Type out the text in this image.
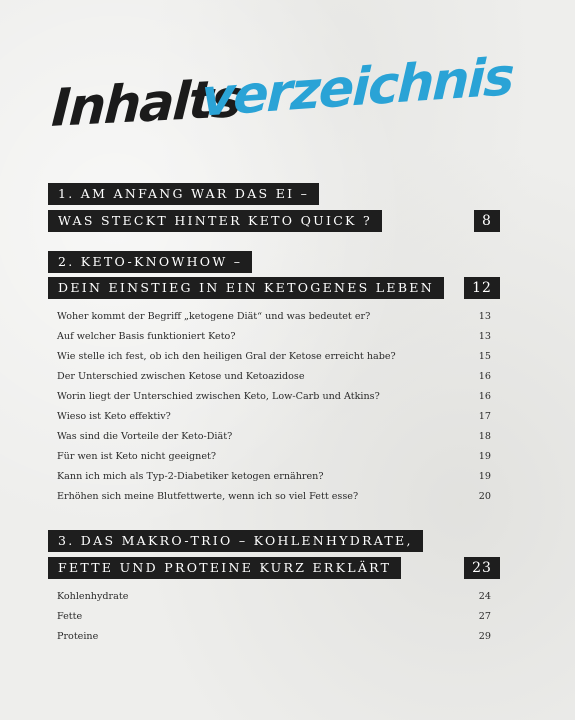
Inhalts
verzeichnis
1. AM ANFANG WAR DAS EI –
WAS STECKT HINTER KETO QUICK ?	8
2. KETO-KNOWHOW –
DEIN EINSTIEG IN EIN KETOGENES LEBEN	12
Woher kommt der Begriff „ketogene Diät“ und was bedeutet er?	13
Auf welcher Basis funktioniert Keto?	13
Wie stelle ich fest, ob ich den heiligen Gral der Ketose erreicht habe?	15
Der Unterschied zwischen Ketose und Ketoazidose	16
Worin liegt der Unterschied zwischen Keto, Low-Carb und Atkins?	16
Wieso ist Keto effektiv?	17
Was sind die Vorteile der Keto-Diät?	18
Für wen ist Keto nicht geeignet?	19
Kann ich mich als Typ-2-Diabetiker ketogen ernähren?	19
Erhöhen sich meine Blutfettwerte, wenn ich so viel Fett esse?	20
3. DAS MAKRO-TRIO – KOHLENHYDRATE,
FETTE UND PROTEINE KURZ ERKLÄRT	23
Kohlenhydrate	24
Fette	27
Proteine	29
